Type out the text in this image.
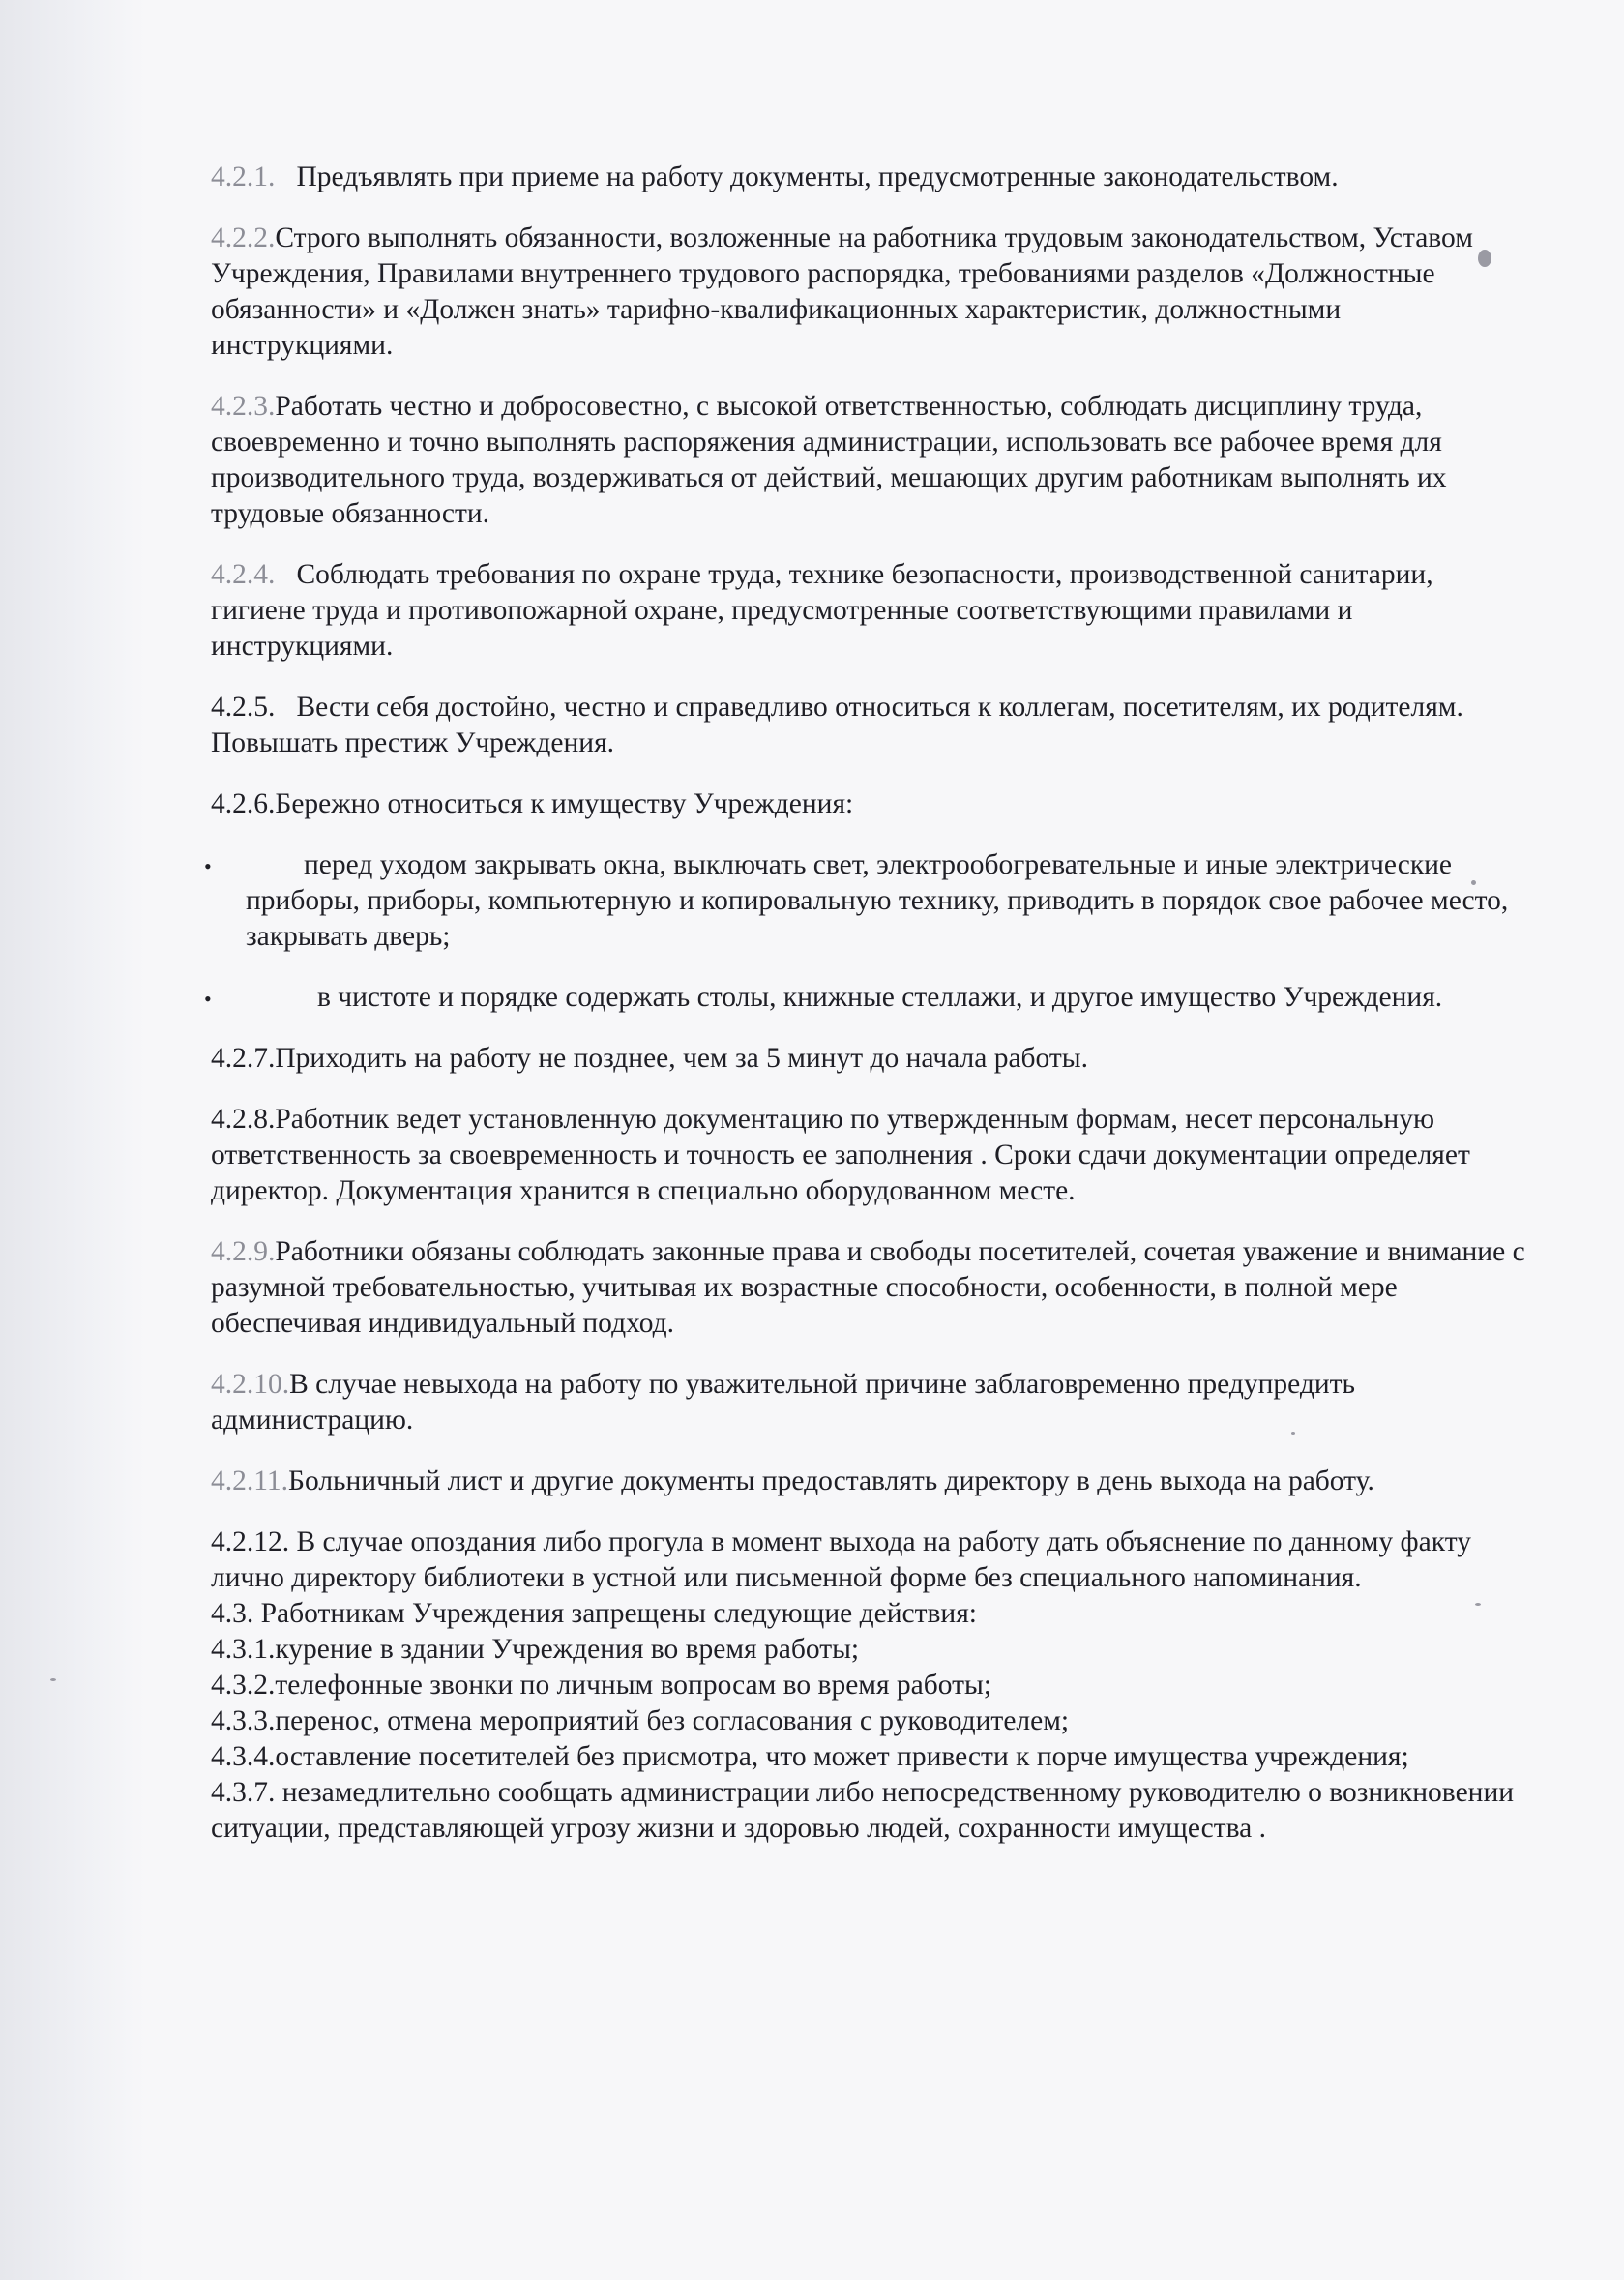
4.2.1. Предъявлять при приеме на работу документы, предусмотренные законодательством.

4.2.2.Строго выполнять обязанности, возложенные на работника трудовым законодательством, Уставом Учреждения, Правилами внутреннего трудового распорядка, требованиями разделов «Должностные обязанности» и «Должен знать» тарифно-квалификационных характеристик, должностными инструкциями.

4.2.3.Работать честно и добросовестно, с высокой ответственностью, соблюдать дисциплину труда, своевременно и точно выполнять распоряжения администрации, использовать все рабочее время для производительного труда, воздерживаться от действий, мешающих другим работникам выполнять их трудовые обязанности.

4.2.4. Соблюдать требования по охране труда, технике безопасности, производственной санитарии, гигиене труда и противопожарной охране, предусмотренные соответствующими правилами и инструкциями.

4.2.5. Вести себя достойно, честно и справедливо относиться к коллегам, посетителям, их родителям. Повышать престиж Учреждения.

4.2.6.Бережно относиться к имуществу Учреждения:

•	перед уходом закрывать окна, выключать свет, электрообогревательные и иные электрические приборы, приборы, компьютерную и копировальную технику, приводить в порядок свое рабочее место, закрывать дверь;
•	в чистоте и порядке содержать столы, книжные стеллажи, и другое имущество Учреждения.

4.2.7.Приходить на работу не позднее, чем за 5 минут до начала работы.

4.2.8.Работник ведет установленную документацию по утвержденным формам, несет персональную ответственность за своевременность и точность ее заполнения . Сроки сдачи документации определяет директор. Документация хранится в специально оборудованном месте.

4.2.9.Работники обязаны соблюдать законные права и свободы посетителей, сочетая уважение и внимание с разумной требовательностью, учитывая их возрастные способности, особенности, в полной мере обеспечивая индивидуальный подход.

4.2.10.В случае невыхода на работу по уважительной причине заблаговременно предупредить администрацию.

4.2.11.Больничный лист и другие документы предоставлять директору в день выхода на работу.

4.2.12. В случае опоздания либо прогула в момент выхода на работу дать объяснение по данному факту лично директору библиотеки в устной или письменной форме без специального напоминания.

4.3. Работникам Учреждения запрещены следующие действия:

4.3.1.курение в здании Учреждения во время работы;

4.3.2.телефонные звонки по личным вопросам во время работы;

4.3.3.перенос, отмена мероприятий без согласования с руководителем;

4.3.4.оставление посетителей без присмотра, что может привести к порче имущества учреждения;

4.3.7. незамедлительно сообщать администрации либо непосредственному руководителю о возникновении ситуации, представляющей угрозу жизни и здоровью людей, сохранности имущества .
